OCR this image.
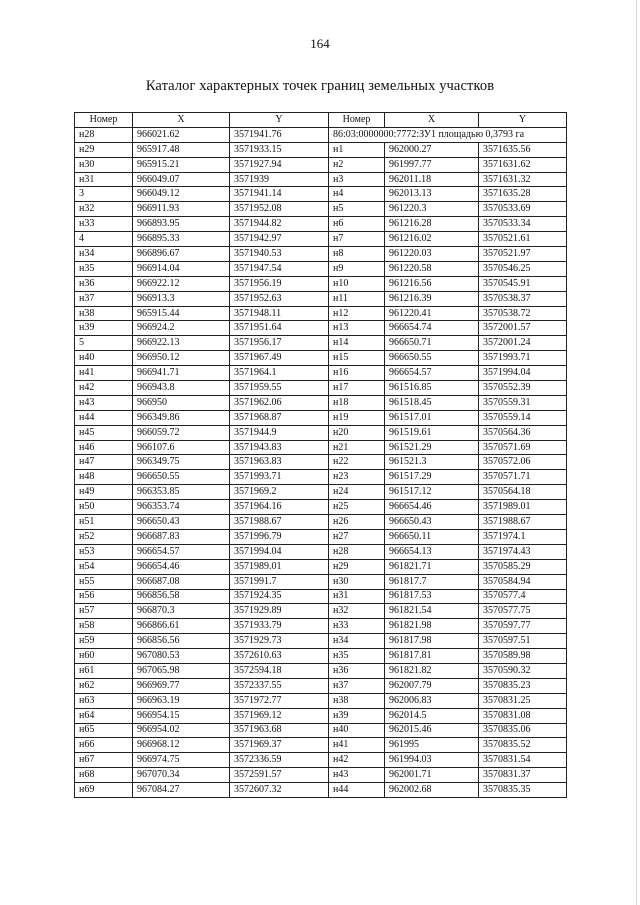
164
Каталог характерных точек границ земельных участков
Номер	X	Y	Номер	X	Y
н28	966021.62	3571941.76	86:03:0000000:7772:ЗУ1 площадью 0,3793 га		
н29	965917.48	3571933.15	н1	962000.27	3571635.56
н30	965915.21	3571927.94	н2	961997.77	3571631.62
н31	966049.07	3571939	н3	962011.18	3571631.32
3	966049.12	3571941.14	н4	962013.13	3571635.28
н32	966911.93	3571952.08	н5	961220.3	3570533.69
н33	966893.95	3571944.82	н6	961216.28	3570533.34
4	966895.33	3571942.97	н7	961216.02	3570521.61
н34	966896.67	3571940.53	н8	961220.03	3570521.97
н35	966914.04	3571947.54	н9	961220.58	3570546.25
н36	966922.12	3571956.19	н10	961216.56	3570545.91
н37	966913.3	3571952.63	н11	961216.39	3570538.37
н38	965915.44	3571948.11	н12	961220.41	3570538.72
н39	966924.2	3571951.64	н13	966654.74	3572001.57
5	966922.13	3571956.17	н14	966650.71	3572001.24
н40	966950.12	3571967.49	н15	966650.55	3571993.71
н41	966941.71	3571964.1	н16	966654.57	3571994.04
н42	966943.8	3571959.55	н17	961516.85	3570552.39
н43	966950	3571962.06	н18	961518.45	3570559.31
н44	966349.86	3571968.87	н19	961517.01	3570559.14
н45	966059.72	3571944.9	н20	961519.61	3570564.36
н46	966107.6	3571943.83	н21	961521.29	3570571.69
н47	966349.75	3571963.83	н22	961521.3	3570572.06
н48	966650.55	3571993.71	н23	961517.29	3570571.71
н49	966353.85	3571969.2	н24	961517.12	3570564.18
н50	966353.74	3571964.16	н25	966654.46	3571989.01
н51	966650.43	3571988.67	н26	966650.43	3571988.67
н52	966687.83	3571996.79	н27	966650.11	3571974.1
н53	966654.57	3571994.04	н28	966654.13	3571974.43
н54	966654.46	3571989.01	н29	961821.71	3570585.29
н55	966687.08	3571991.7	н30	961817.7	3570584.94
н56	966856.58	3571924.35	н31	961817.53	3570577.4
н57	966870.3	3571929.89	н32	961821.54	3570577.75
н58	966866.61	3571933.79	н33	961821.98	3570597.77
н59	966856.56	3571929.73	н34	961817.98	3570597.51
н60	967080.53	3572610.63	н35	961817.81	3570589.98
н61	967065.98	3572594.18	н36	961821.82	3570590.32
н62	966969.77	3572337.55	н37	962007.79	3570835.23
н63	966963.19	3571972.77	н38	962006.83	3570831.25
н64	966954.15	3571969.12	н39	962014.5	3570831.08
н65	966954.02	3571963.68	н40	962015.46	3570835.06
н66	966968.12	3571969.37	н41	961995	3570835.52
н67	966974.75	3572336.59	н42	961994.03	3570831.54
н68	967070.34	3572591.57	н43	962001.71	3570831.37
н69	967084.27	3572607.32	н44	962002.68	3570835.35
